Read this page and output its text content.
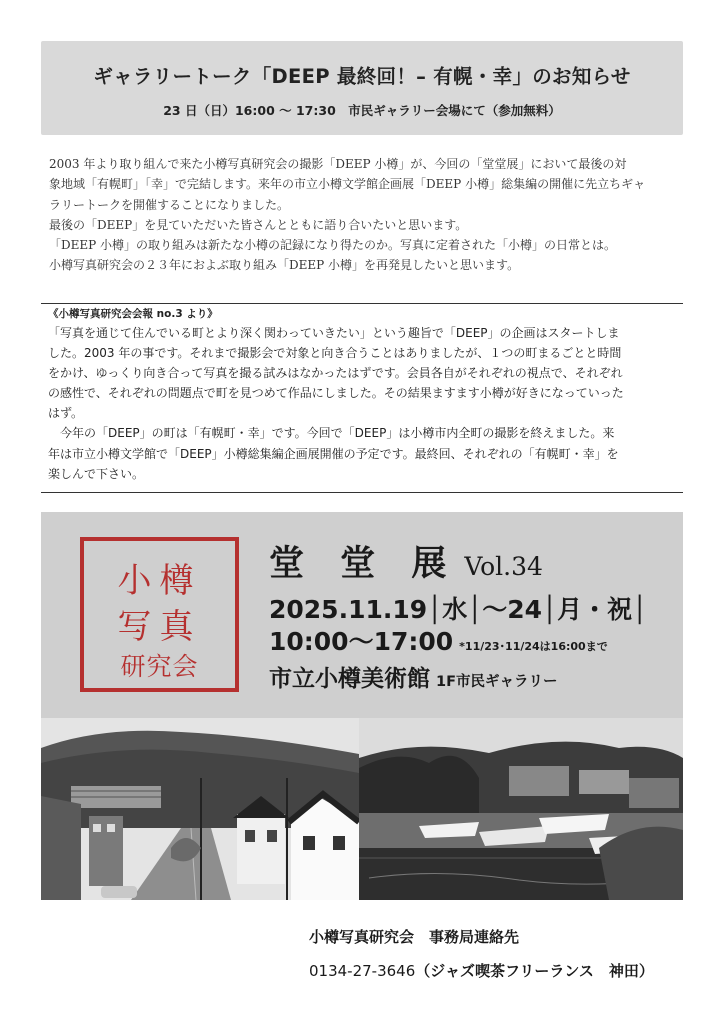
ギャラリートーク「DEEP 最終回！– 有幌・幸」のお知らせ
23 日（日）16:00 ～ 17:30　市民ギャラリー会場にて（参加無料）

2003 年より取り組んで来た小樽写真研究会の撮影「DEEP 小樽」が、今回の「堂堂展」において最後の対

象地域「有幌町」「幸」で完結します。来年の市立小樽文学館企画展「DEEP 小樽」総集編の開催に先立ちギャ

ラリートークを開催することになりました。

最後の「DEEP」を見ていただいた皆さんとともに語り合いたいと思います。

「DEEP 小樽」の取り組みは新たな小樽の記録になり得たのか。写真に定着された「小樽」の日常とは。

小樽写真研究会の２３年におよぶ取り組み「DEEP 小樽」を再発見したいと思います。

《小樽写真研究会会報 no.3 より》

「写真を通じて住んでいる町とより深く関わっていきたい」という趣旨で「DEEP」の企画はスタートしま

した。2003 年の事です。それまで撮影会で対象と向き合うことはありましたが、１つの町まるごとと時間

をかけ、ゆっくり向き合って写真を撮る試みはなかったはずです。会員各自がそれぞれの視点で、それぞれ

の感性で、それぞれの問題点で町を見つめて作品にしました。その結果ますます小樽が好きになっていった

はず。

　今年の「DEEP」の町は「有幌町・幸」です。今回で「DEEP」は小樽市内全町の撮影を終えました。来

年は市立小樽文学館で「DEEP」小樽総集編企画展開催の予定です。最終回、それぞれの「有幌町・幸」を

楽しんで下さい。

小樽
写真
研究会
堂 堂 展 Vol.34
2025.11.19│水│～24│月・祝│
10:00～17:00 *11/23･11/24は16:00まで
市立小樽美術館 1F市民ギャラリー
小樽写真研究会　事務局連絡先
0134-27-3646（ジャズ喫茶フリーランス　神田）
